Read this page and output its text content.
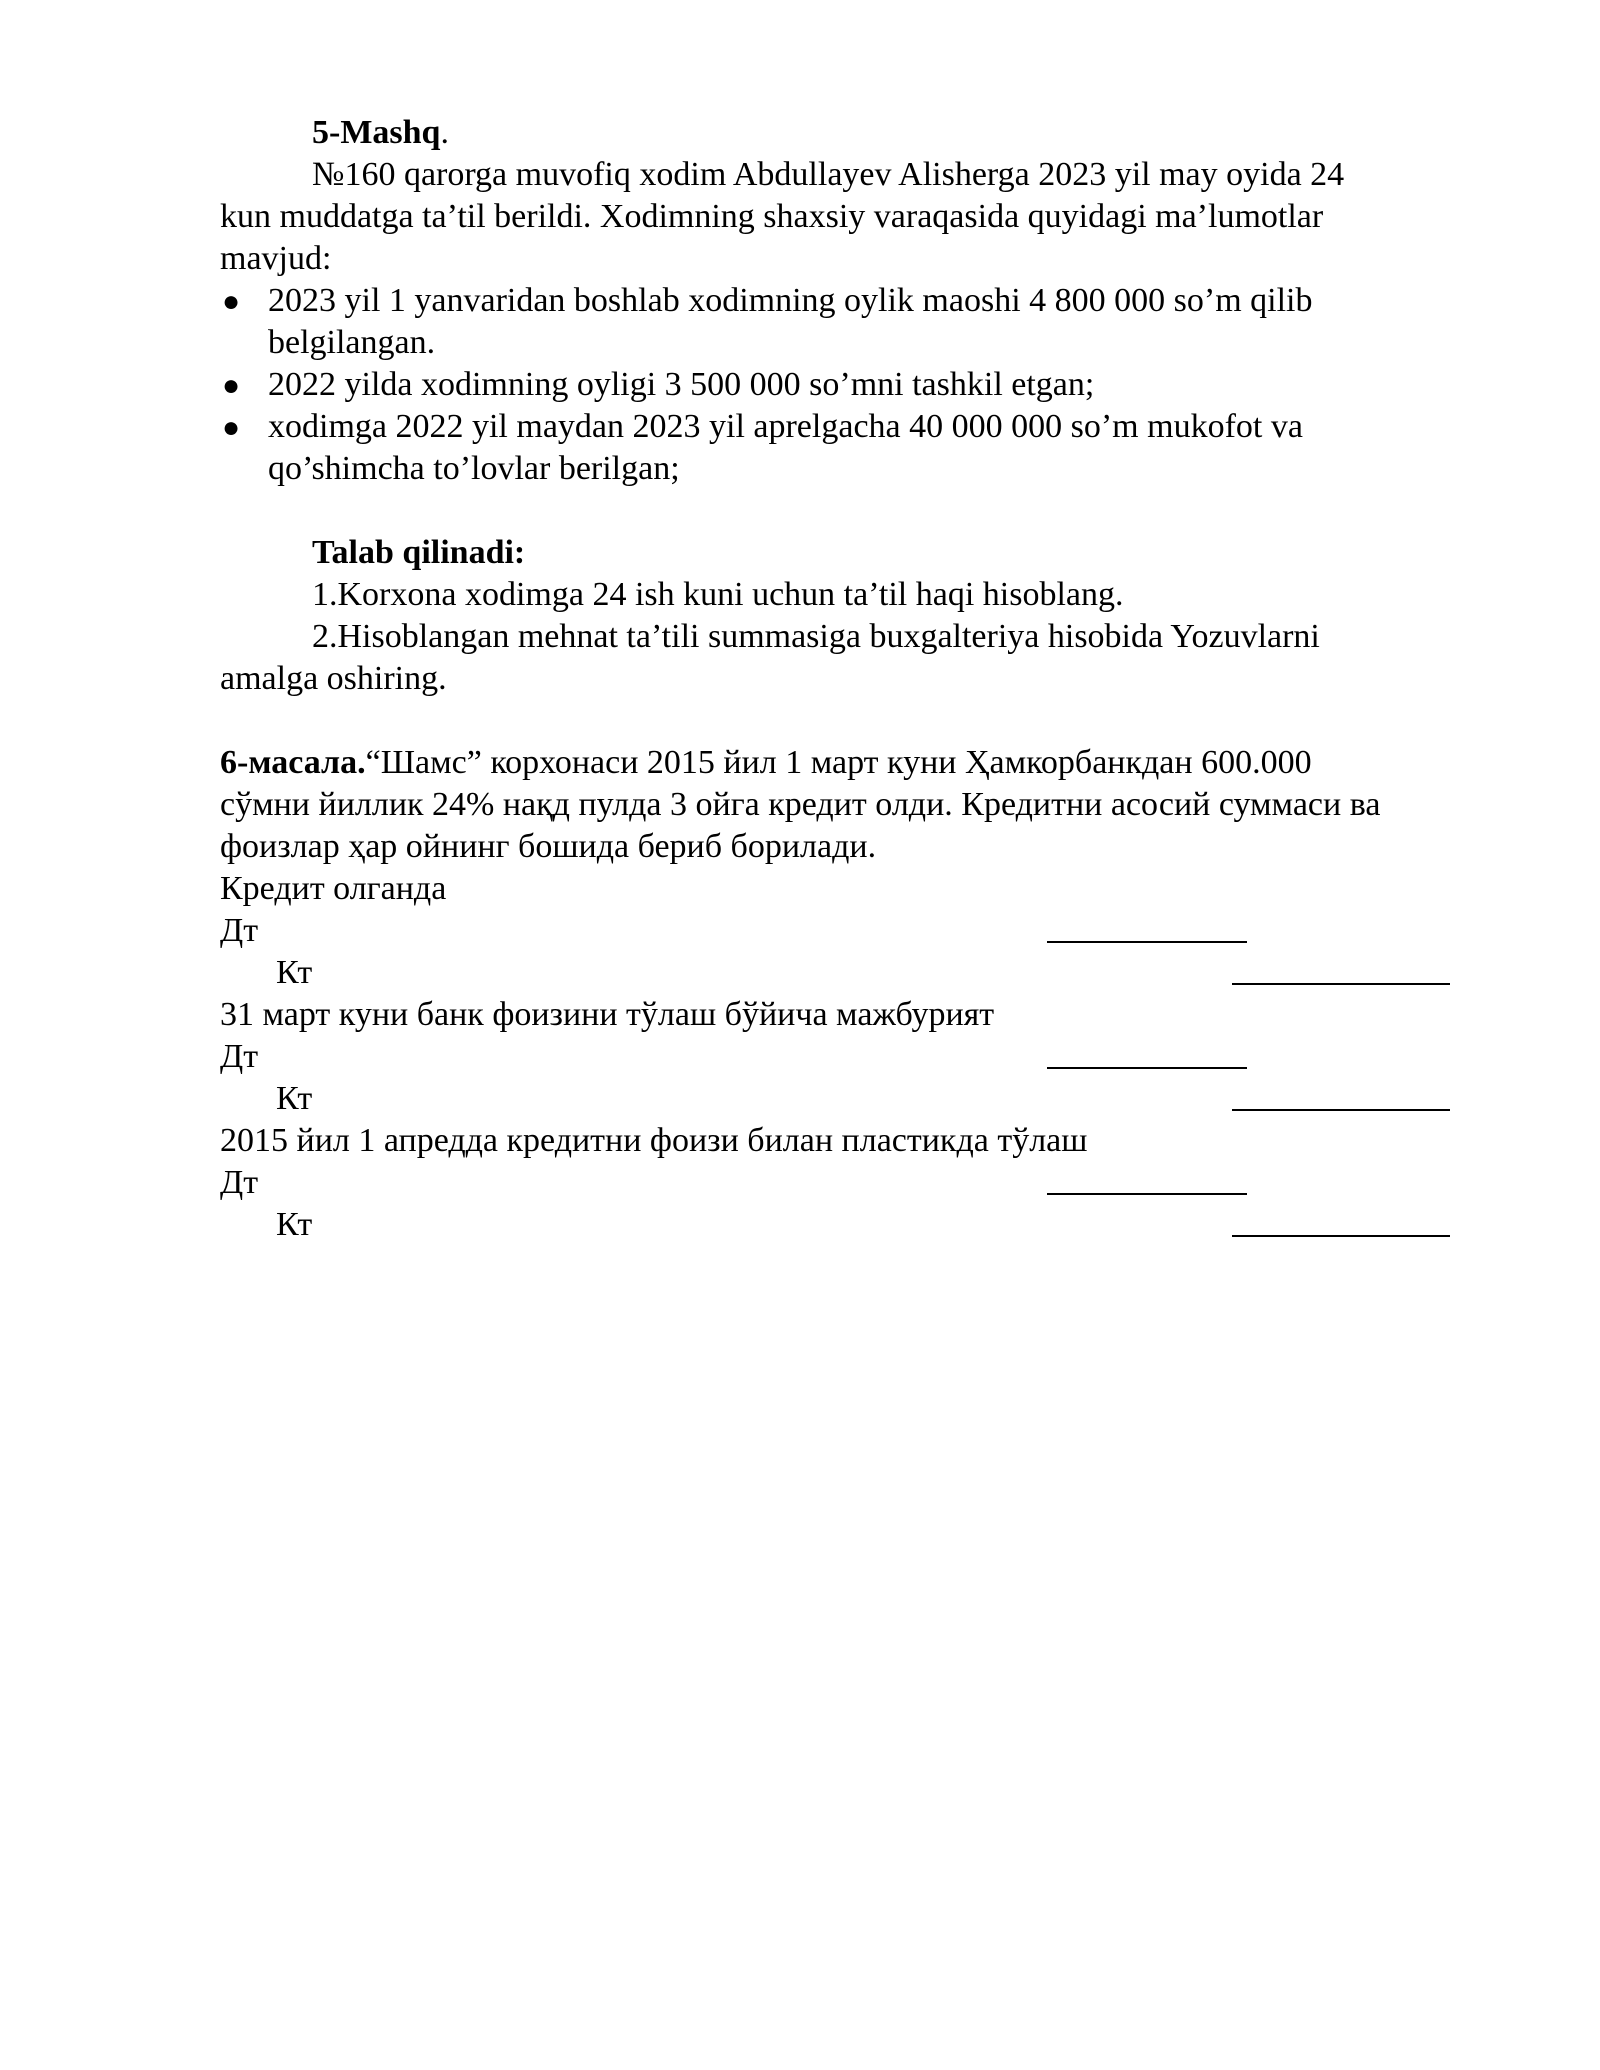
5-Mashq.
№160 qarorga muvofiq xodim Abdullayev Alisherga 2023 yil may oyida 24
kun muddatga ta’til berildi. Xodimning shaxsiy varaqasida quyidagi ma’lumotlar
mavjud:
● 2023 yil 1 yanvaridan boshlab xodimning oylik maoshi 4 800 000 so’m qilib
belgilangan.
● 2022 yilda xodimning oyligi 3 500 000 so’mni tashkil etgan;
● xodimga 2022 yil maydan 2023 yil aprelgacha 40 000 000 so’m mukofot va
qo’shimcha to’lovlar berilgan;
Talab qilinadi:
1.Korxona xodimga 24 ish kuni uchun ta’til haqi hisoblang.
2.Hisoblangan mehnat ta’tili summasiga buxgalteriya hisobida Yozuvlarni
amalga oshiring.
6-масала.“Шамс” корхонаси 2015 йил 1 март куни Ҳамкорбанкдан 600.000
сўмни йиллик 24% нақд пулда 3 ойга кредит олди. Кредитни асосий суммаси ва
фоизлар ҳар ойнинг бошида бериб борилади.
Кредит олганда
Дт
Кт
31 март куни банк фоизини тўлаш бўйича мажбурият
Дт
Кт
2015 йил 1 апредда кредитни фоизи билан пластикда тўлаш
Дт
Кт
